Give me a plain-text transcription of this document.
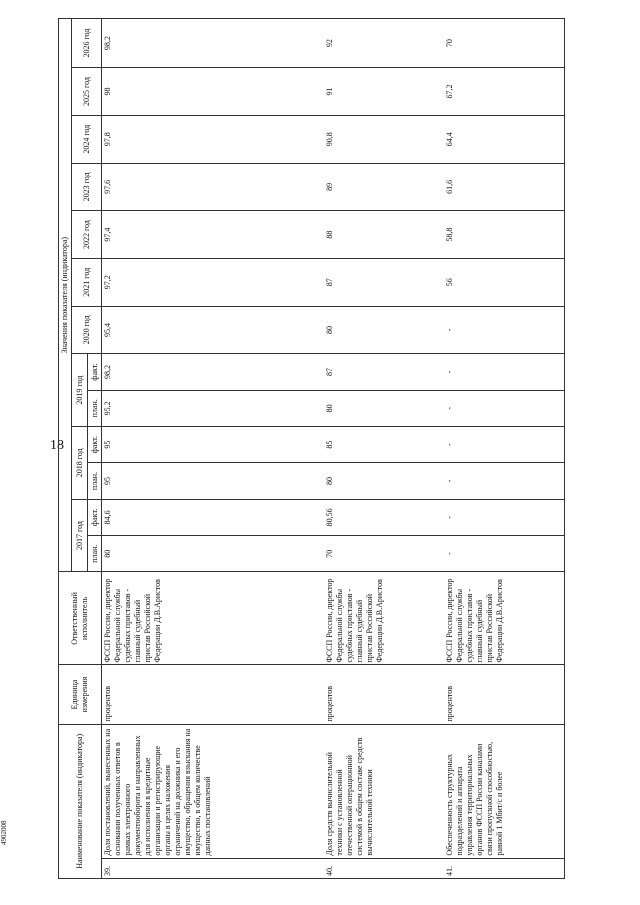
18
4902008	Наименование показателя (индикатора)		Единица измерения	Ответственный исполнитель	Значения показателя (индикатора)												
				2017 год		2018 год		2019 год		2020 год	2021 год	2022 год	2023 год	2024 год	2025 год	2026 год
				план.	факт.	план.	факт.	план.	факт.							
39.	Доля постановлений, вынесенных на основании полученных ответов в рамках электронного документооборота и направленных для исполнения в кредитные организации и регистрирующие органы в целях наложения ограничений на должника и его имущество, обращения взыскания на имущество, в общем количестве данных постановлений	процентов	ФССП России, директор Федеральной службы судебных приставов - главный судебный пристав Российской Федерации Д.В.Аристов	80	84,6	95	95	95,2	98,2	95,4	97,2	97,4	97,6	97,8	98	98,2
40.	Доля средств вычислительной техники с установленной отечественной операционной системой в общем составе средств вычислительной техники	процентов	ФССП России, директор Федеральной службы судебных приставов - главный судебный пристав Российской Федерации Д.В.Аристов	70	80,56	80	85	80	87	80	87	88	89	90,8	91	92
41.	Обеспеченность структурных подразделений и аппарата управления территориальных органов ФССП России каналами связи пропускной способностью, равной 1 Мбит/с и более	процентов	ФССП России, директор Федеральной службы судебных приставов - главный судебный пристав Российской Федерации Д.В.Аристов	-	-	-	-	-	-	-	56	58,8	61,6	64,4	67,2	70
